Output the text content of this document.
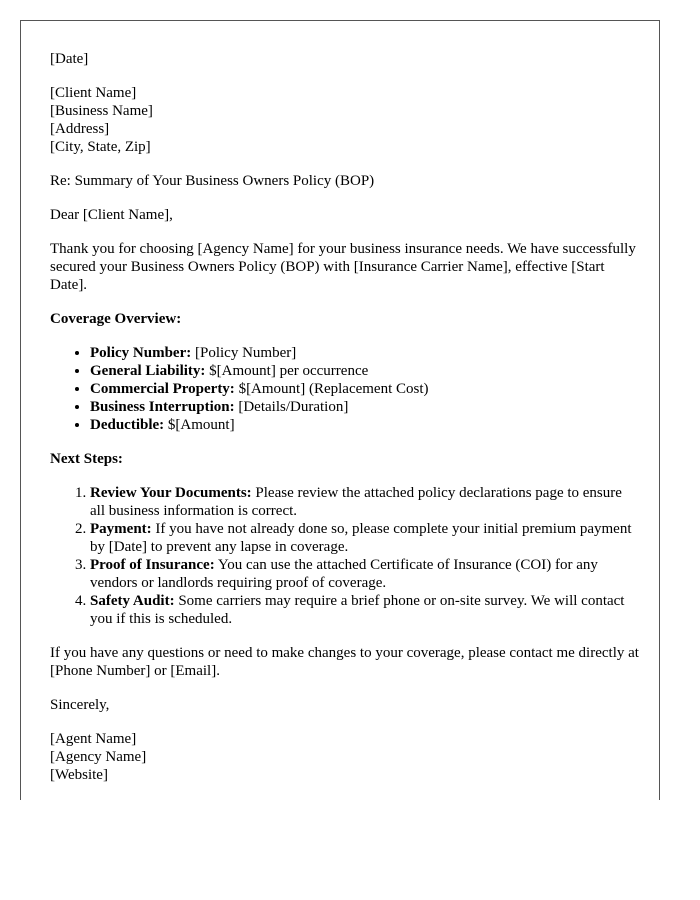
[Date]

[Client Name]
[Business Name]
[Address]
[City, State, Zip]

Re: Summary of Your Business Owners Policy (BOP)

Dear [Client Name],

Thank you for choosing [Agency Name] for your business insurance needs. We have successfully secured your Business Owners Policy (BOP) with [Insurance Carrier Name], effective [Start Date].

Coverage Overview:

• Policy Number: [Policy Number]
• General Liability: $[Amount] per occurrence
• Commercial Property: $[Amount] (Replacement Cost)
• Business Interruption: [Details/Duration]
• Deductible: $[Amount]

Next Steps:

1. Review Your Documents: Please review the attached policy declarations page to ensure all business information is correct.
2. Payment: If you have not already done so, please complete your initial premium payment by [Date] to prevent any lapse in coverage.
3. Proof of Insurance: You can use the attached Certificate of Insurance (COI) for any vendors or landlords requiring proof of coverage.
4. Safety Audit: Some carriers may require a brief phone or on-site survey. We will contact you if this is scheduled.

If you have any questions or need to make changes to your coverage, please contact me directly at [Phone Number] or [Email].

Sincerely,

[Agent Name]
[Agency Name]
[Website]
